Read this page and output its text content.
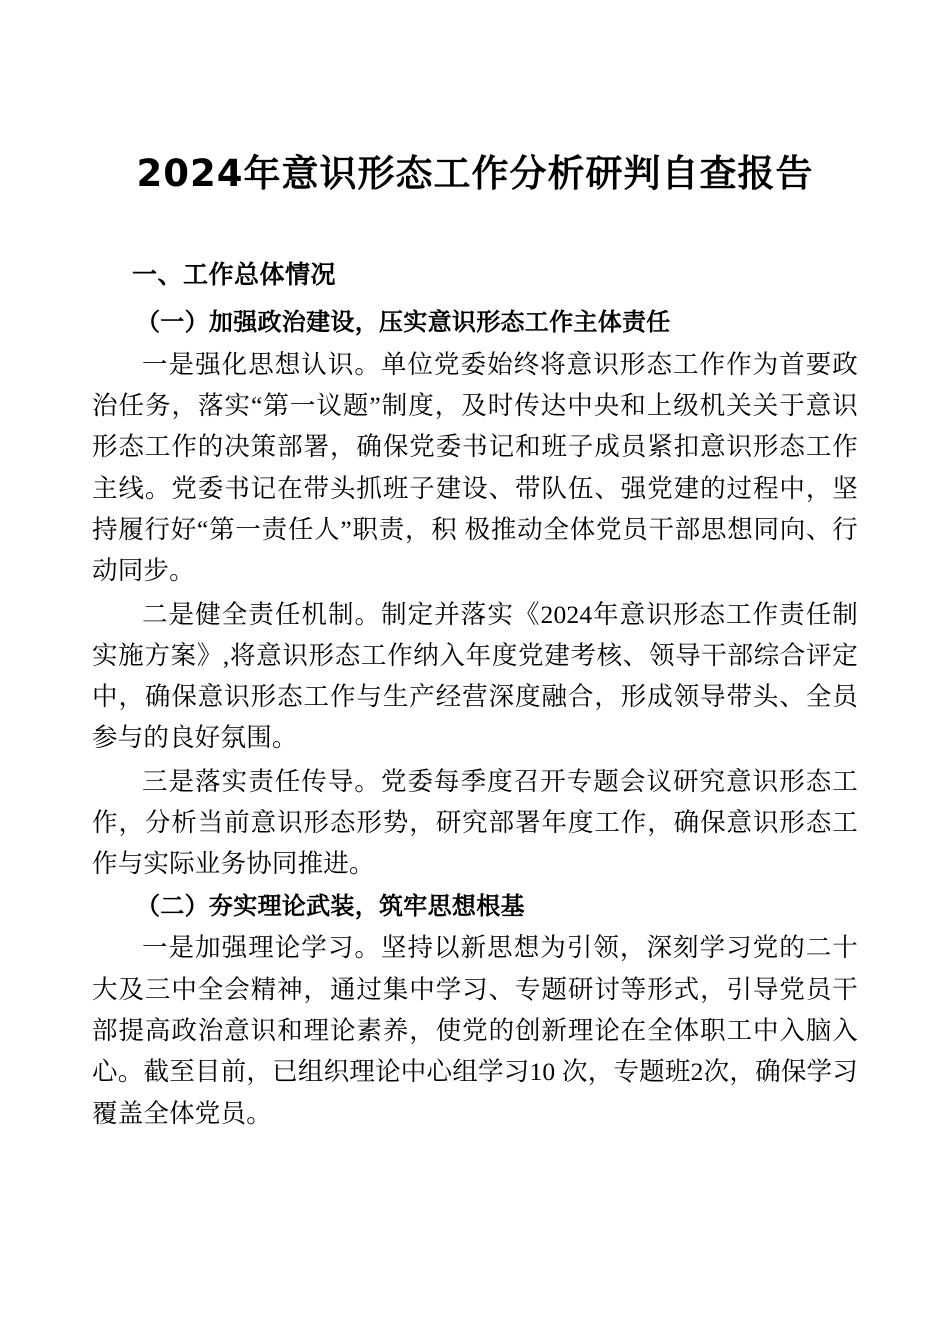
2024年意识形态工作分析研判自查报告
一、工作总体情况
（一）加强政治建设，压实意识形态工作主体责任

一是强化思想认识。单位党委始终将意识形态工作作为首要政治任务，落实“第一议题”制度，及时传达中央和上级机关关于意识形态工作的决策部署，确保党委书记和班子成员紧扣意识形态工作主线。党委书记在带头抓班子建设、带队伍、强党建的过程中，坚持履行好“第一责任人”职责，积 极推动全体党员干部思想同向、行动同步。

二是健全责任机制。制定并落实《2024年意识形态工作责任制实施方案》,将意识形态工作纳入年度党建考核、领导干部综合评定中，确保意识形态工作与生产经营深度融合，形成领导带头、全员参与的良好氛围。

三是落实责任传导。党委每季度召开专题会议研究意识形态工作，分析当前意识形态形势，研究部署年度工作，确保意识形态工作与实际业务协同推进。

（二）夯实理论武装，筑牢思想根基

一是加强理论学习。坚持以新思想为引领，深刻学习党的二十大及三中全会精神，通过集中学习、专题研讨等形式，引导党员干部提高政治意识和理论素养，使党的创新理论在全体职工中入脑入心。截至目前，已组织理论中心组学习10 次，专题班2次，确保学习覆盖全体党员。
